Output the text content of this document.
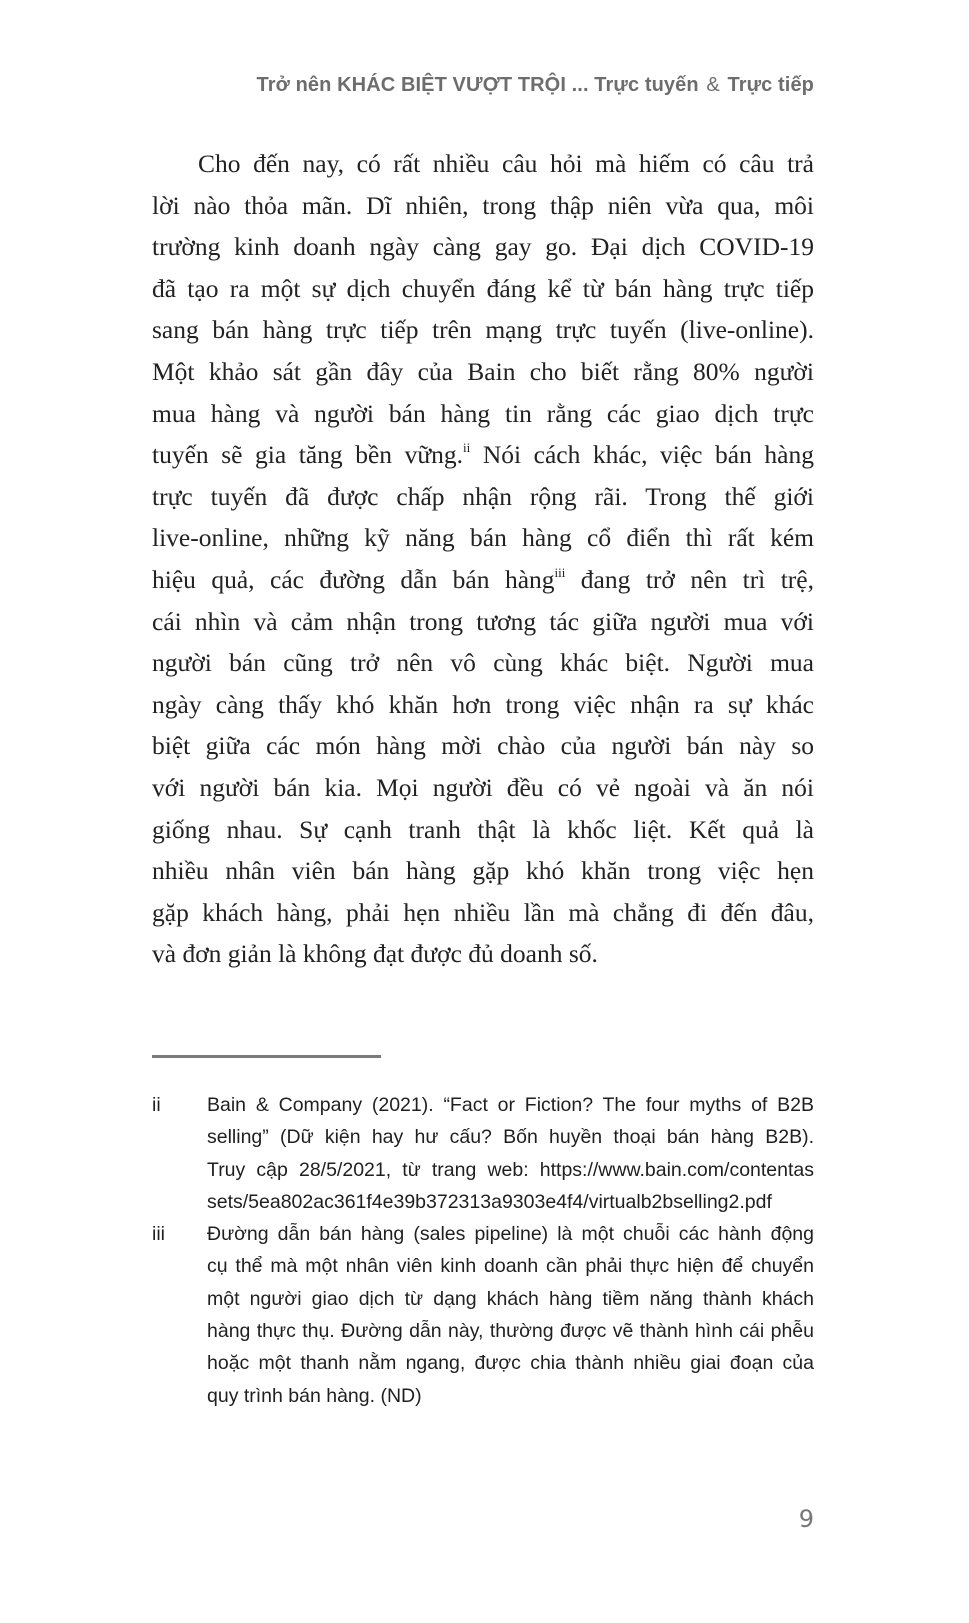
Trở nên KHÁC BIỆT VƯỢT TRỘI ... Trực tuyến & Trực tiếp
Cho đến nay, có rất nhiều câu hỏi mà hiếm có câu trả
lời nào thỏa mãn. Dĩ nhiên, trong thập niên vừa qua, môi
trường kinh doanh ngày càng gay go. Đại dịch COVID-19
đã tạo ra một sự dịch chuyển đáng kể từ bán hàng trực tiếp
sang bán hàng trực tiếp trên mạng trực tuyến (live-online).
Một khảo sát gần đây của Bain cho biết rằng 80% người
mua hàng và người bán hàng tin rằng các giao dịch trực
tuyến sẽ gia tăng bền vững.$^{ii}$ Nói cách khác, việc bán hàng
trực tuyến đã được chấp nhận rộng rãi. Trong thế giới
live-online, những kỹ năng bán hàng cổ điển thì rất kém
hiệu quả, các đường dẫn bán hàng$^{iii}$ đang trở nên trì trệ,
cái nhìn và cảm nhận trong tương tác giữa người mua với
người bán cũng trở nên vô cùng khác biệt. Người mua
ngày càng thấy khó khăn hơn trong việc nhận ra sự khác
biệt giữa các món hàng mời chào của người bán này so
với người bán kia. Mọi người đều có vẻ ngoài và ăn nói
giống nhau. Sự cạnh tranh thật là khốc liệt. Kết quả là
nhiều nhân viên bán hàng gặp khó khăn trong việc hẹn
gặp khách hàng, phải hẹn nhiều lần mà chẳng đi đến đâu,
và đơn giản là không đạt được đủ doanh số.
ii Bain & Company (2021). “Fact or Fiction? The four myths of B2B
selling” (Dữ kiện hay hư cấu? Bốn huyền thoại bán hàng B2B).
Truy cập 28/5/2021, từ trang web: https://www.bain.com/contentas
sets/5ea802ac361f4e39b372313a9303e4f4/virtualb2bselling2.pdf
iii Đường dẫn bán hàng (sales pipeline) là một chuỗi các hành động
cụ thể mà một nhân viên kinh doanh cần phải thực hiện để chuyển
một người giao dịch từ dạng khách hàng tiềm năng thành khách
hàng thực thụ. Đường dẫn này, thường được vẽ thành hình cái phễu
hoặc một thanh nằm ngang, được chia thành nhiều giai đoạn của
quy trình bán hàng. (ND)
9
